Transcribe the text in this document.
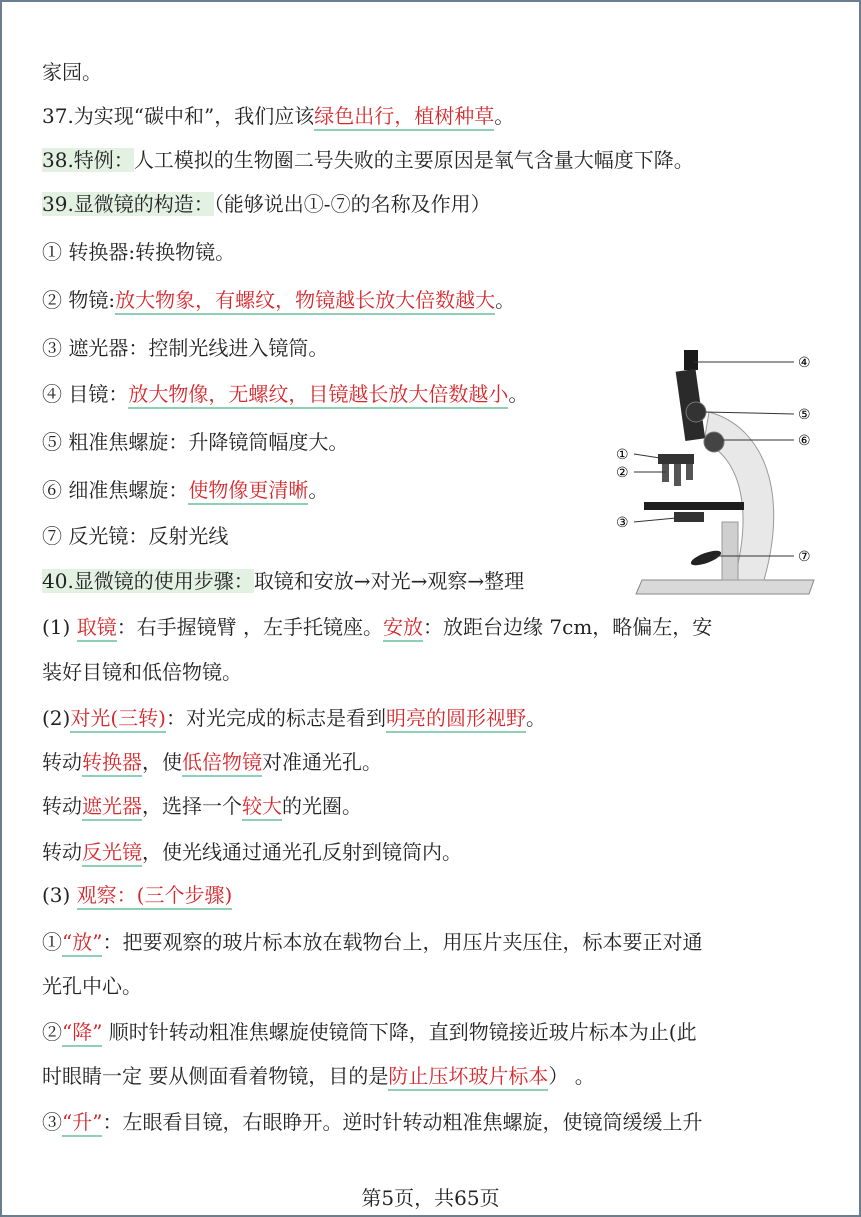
家园。
37.为实现“碳中和”，我们应该绿色出行，植树种草。
38.特例：人工模拟的生物圈二号失败的主要原因是氧气含量大幅度下降。
39.显微镜的构造：（能够说出①-⑦的名称及作用）
① 转换器:转换物镜。
② 物镜:放大物象，有螺纹，物镜越长放大倍数越大。
③ 遮光器：控制光线进入镜筒。
④ 目镜：放大物像，无螺纹，目镜越长放大倍数越小。
⑤ 粗准焦螺旋：升降镜筒幅度大。
⑥ 细准焦螺旋：使物像更清晰。
⑦ 反光镜：反射光线
40.显微镜的使用步骤：取镜和安放→对光→观察→整理
(1) 取镜：右手握镜臂 ，左手托镜座。安放：放距台边缘 7cm，略偏左，安
装好目镜和低倍物镜。
(2)对光(三转)：对光完成的标志是看到明亮的圆形视野。
转动转换器，使低倍物镜对准通光孔。
转动遮光器，选择一个较大的光圈。
转动反光镜，使光线通过通光孔反射到镜筒内。
(3) 观察：(三个步骤)
①“放”：把要观察的玻片标本放在载物台上，用压片夹压住，标本要正对通
光孔中心。
②“降” 顺时针转动粗准焦螺旋使镜筒下降，直到物镜接近玻片标本为止(此
时眼睛一定 要从侧面看着物镜，目的是防止压坏玻片标本） 。
③“升”：左眼看目镜，右眼睁开。逆时针转动粗准焦螺旋，使镜筒缓缓上升
④
⑤
⑥
①
②
③
⑦
第5页，共65页
